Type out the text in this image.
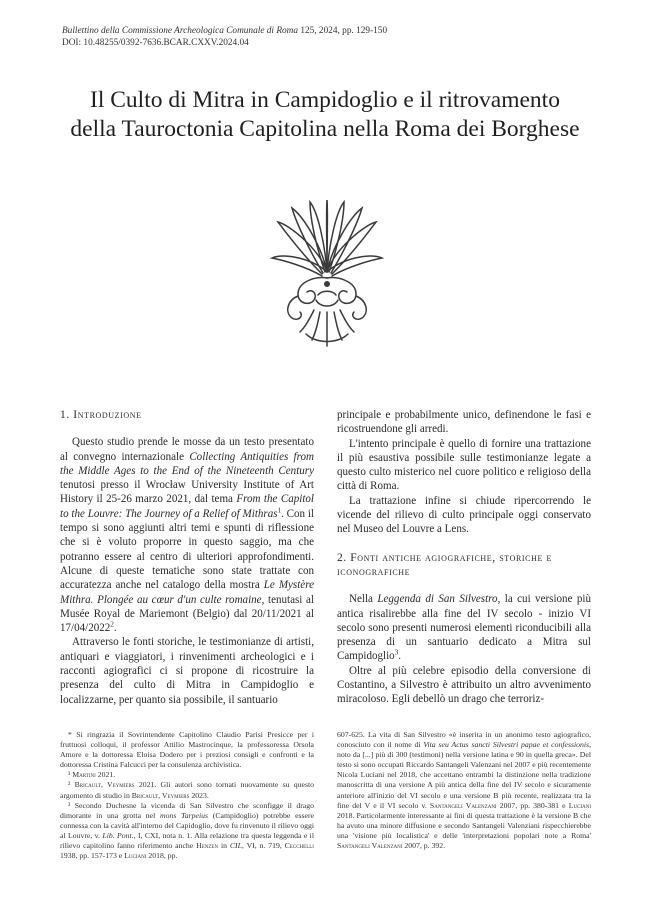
Bullettino della Commissione Archeologica Comunale di Roma 125, 2024, pp. 129-150
DOI: 10.48255/0392-7636.BCAR.CXXV.2024.04
Il Culto di Mitra in Campidoglio e il ritrovamento
della Tauroctonia Capitolina nella Roma dei Borghese

1. Introduzione

Questo studio prende le mosse da un testo presentato al convegno internazionale Collecting Antiquities from the Middle Ages to the End of the Nineteenth Century tenutosi presso il Wrocław University Institute of Art History il 25-26 marzo 2021, dal tema From the Capitol to the Louvre: The Journey of a Relief of Mithras$^1$. Con il tempo si sono aggiunti altri temi e spunti di riflessione che si è voluto proporre in questo saggio, ma che potranno essere al centro di ulteriori approfondimenti. Alcune di queste tematiche sono state trattate con accuratezza anche nel catalogo della mostra Le Mystère Mithra. Plongée au cœur d'un culte romaine, tenutasi al Musée Royal de Mariemont (Belgio) dal 20/11/2021 al 17/04/2022$^2$.

Attraverso le fonti storiche, le testimonianze di artisti, antiquari e viaggiatori, i rinvenimenti archeologici e i racconti agiografici ci si propone di ricostruire la presenza del culto di Mitra in Campidoglio e localizzarne, per quanto sia possibile, il santuario

principale e probabilmente unico, definendone le fasi e ricostruendone gli arredi.

L'intento principale è quello di fornire una trattazione il più esaustiva possibile sulle testimonianze legate a questo culto misterico nel cuore politico e religioso della città di Roma.

La trattazione infine si chiude ripercorrendo le vicende del rilievo di culto principale oggi conservato nel Museo del Louvre a Lens.

2. Fonti antiche agiografiche, storiche e iconografiche

Nella Leggenda di San Silvestro, la cui versione più antica risalirebbe alla fine del IV secolo - inizio VI secolo sono presenti numerosi elementi riconducibili alla presenza di un santuario dedicato a Mitra sul Campidoglio$^3$.

Oltre al più celebre episodio della conversione di Costantino, a Silvestro è attribuito un altro avvenimento miracoloso. Egli debellò un drago che terroriz-

* Si ringrazia il Sovrintendente Capitolino Claudio Parisi Presicce per i fruttuosi colloqui, il professor Attilio Mastrocinque, la professoressa Orsola Amore e la dottoressa Eloisa Dodero per i preziosi consigli e confronti e la dottoressa Cristina Falcucci per la consulenza archivistica.

¹ Martini 2021.

² Bricault, Veymiers 2021. Gli autori sono tornati nuovamente su questo argomento di studio in Bricault, Veymiers 2023.

³ Secondo Duchesne la vicenda di San Silvestro che sconfigge il drago dimorante in una grotta nel mons Tarpeius (Campidoglio) potrebbe essere connessa con la cavità all'interno del Capidoglio, dove fu rinvenuto il rilievo oggi al Louvre, v. Lib. Pont., I, CXI, nota n. 1. Alla relazione tra questa leggenda e il rilievo capitolino fanno riferimento anche Henzen in CIL, VI, n. 719, Cecchelli 1938, pp. 157-173 e Luciani 2018, pp.

607-625. La vita di San Silvestro «è inserita in un anonimo testo agiografico, conosciuto con il nome di Vita seu Actus sancti Silvestri papae et confessionis, noto da [...] più di 300 (testimoni) nella versione latina e 90 in quella greca». Del testo si sono occupati Riccardo Santangeli Valenzani nel 2007 e più recentemente Nicola Luciani nel 2018, che accettano entrambi la distinzione nella tradizione manoscritta di una versione A più antica della fine del IV secolo e sicuramente anteriore all'inizio del VI secolo e una versione B più recente, realizzata tra la fine del V e il VI secolo v. Santangeli Valenzani 2007, pp. 380-381 e Luciani 2018. Particolarmente interessante ai fini di questa trattazione è la versione B che ha avuto una minore diffusione e secondo Santangeli Valenziani rispecchierebbe una 'visione più localistica' e delle 'interpretazioni popolari note a Roma' Santangeli Valenzani 2007, p. 392.
